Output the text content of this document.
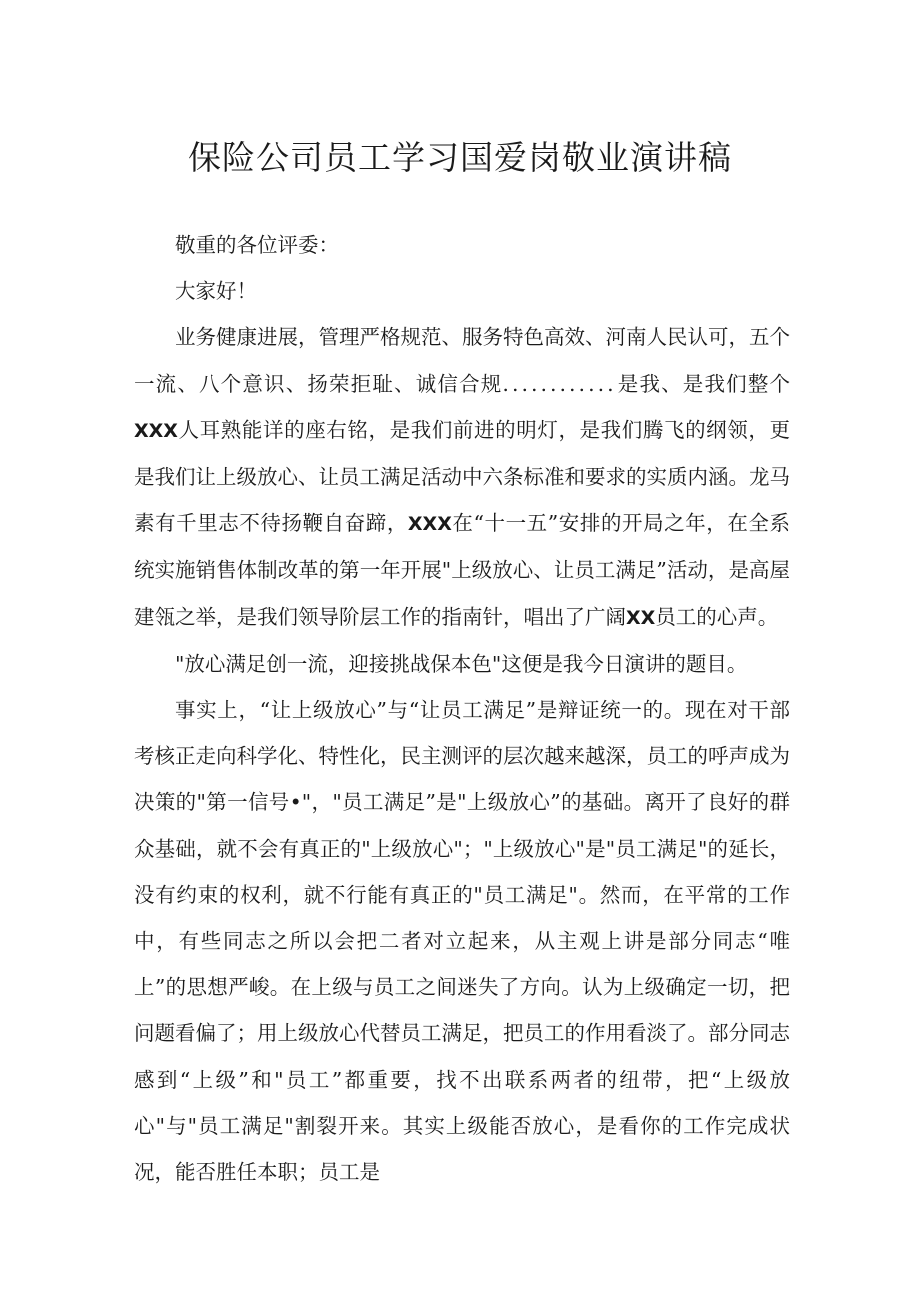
保险公司员工学习国爱岗敬业演讲稿

敬重的各位评委：

大家好！

业务健康进展，管理严格规范、服务特色高效、河南人民认可，五个一流、八个意识、扬荣拒耻、诚信合规............是我、是我们整个XXX人耳熟能详的座右铭，是我们前进的明灯，是我们腾飞的纲领，更是我们让上级放心、让员工满足活动中六条标准和要求的实质内涵。龙马素有千里志不待扬鞭自奋蹄，XXX在“十一五”安排的开局之年，在全系统实施销售体制改革的第一年开展"上级放心、让员工满足”活动，是高屋建瓴之举，是我们领导阶层工作的指南针，唱出了广阔XX员工的心声。

"放心满足创一流，迎接挑战保本色"这便是我今日演讲的题目。

事实上，“让上级放心”与“让员工满足”是辩证统一的。现在对干部考核正走向科学化、特性化，民主测评的层次越来越深，员工的呼声成为决策的"第一信号•"，"员工满足”是"上级放心”的基础。离开了良好的群众基础，就不会有真正的"上级放心"；"上级放心"是"员工满足"的延长，没有约束的权利，就不行能有真正的"员工满足"。然而，在平常的工作中，有些同志之所以会把二者对立起来，从主观上讲是部分同志“唯上”的思想严峻。在上级与员工之间迷失了方向。认为上级确定一切，把问题看偏了；用上级放心代替员工满足，把员工的作用看淡了。部分同志感到“上级”和"员工”都重要，找不出联系两者的纽带，把“上级放心"与"员工满足"割裂开来。其实上级能否放心，是看你的工作完成状况，能否胜任本职；员工是
